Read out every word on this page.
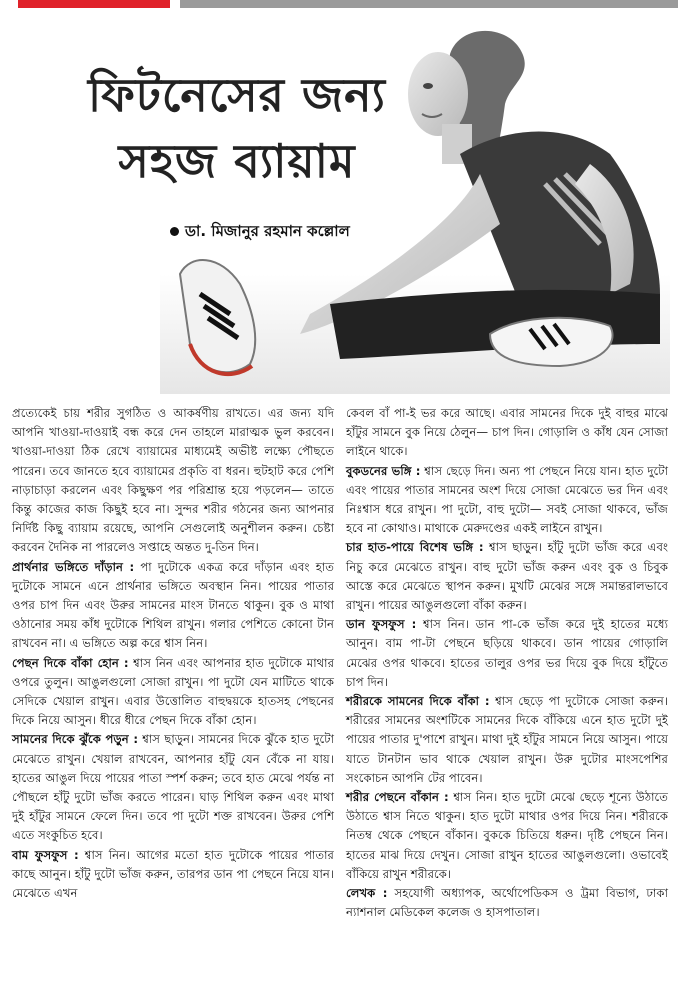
ফিটনেসের জন্য
সহজ ব্যায়াম
ডা. মিজানুর রহমান কল্লোল

প্রত্যেকেই চায় শরীর সুগঠিত ও আকর্ষণীয় রাখতে। এর জন্য যদি আপনি খাওয়া-দাওয়াই বন্ধ করে দেন তাহলে মারাত্মক ভুল করবেন। খাওয়া-দাওয়া ঠিক রেখে ব্যায়ামের মাধ্যমেই অভীষ্ট লক্ষ্যে পৌছতে পারেন। তবে জানতে হবে ব্যায়ামের প্রকৃতি বা ধরন। হুটহাট করে পেশি নাড়াচাড়া করলেন এবং কিছুক্ষণ পর পরিশ্রান্ত হয়ে পড়লেন— তাতে কিন্তু কাজের কাজ কিছুই হবে না। সুন্দর শরীর গঠনের জন্য আপনার নির্দিষ্ট কিছু ব্যায়াম রয়েছে, আপনি সেগুলোই অনুশীলন করুন। চেষ্টা করবেন দৈনিক না পারলেও সপ্তাহে অন্তত দু-তিন দিন।

প্রার্থনার ভঙ্গিতে দাঁড়ান : পা দুটোকে একত্র করে দাঁড়ান এবং হাত দুটোকে সামনে এনে প্রার্থনার ভঙ্গিতে অবস্থান নিন। পায়ের পাতার ওপর চাপ দিন এবং উরুর সামনের মাংস টানতে থাকুন। বুক ও মাথা ওঠানোর সময় কাঁধ দুটোকে শিথিল রাখুন। গলার পেশিতে কোনো টান রাখবেন না। এ ভঙ্গিতে অল্প করে শ্বাস নিন।

পেছন দিকে বাঁকা হোন : শ্বাস নিন এবং আপনার হাত দুটোকে মাথার ওপরে তুলুন। আঙুলগুলো সোজা রাখুন। পা দুটো যেন মাটিতে থাকে সেদিকে খেয়াল রাখুন। এবার উত্তোলিত বাহুদ্বয়কে হাতসহ পেছনের দিকে নিয়ে আসুন। ধীরে ধীরে পেছন দিকে বাঁকা হোন।

সামনের দিকে ঝুঁকে পড়ুন : শ্বাস ছাড়ুন। সামনের দিকে ঝুঁকে হাত দুটো মেঝেতে রাখুন। খেয়াল রাখবেন, আপনার হাঁটু যেন বেঁকে না যায়। হাতের আঙুল দিয়ে পায়ের পাতা স্পর্শ করুন; তবে হাত মেঝে পর্যন্ত না পৌছলে হাঁটু দুটো ভাঁজ করতে পারেন। ঘাড় শিথিল করুন এবং মাথা দুই হাঁটুর সামনে ফেলে দিন। তবে পা দুটো শক্ত রাখবেন। উরুর পেশি এতে সংকুচিত হবে।

বাম ফুসফুস : শ্বাস নিন। আগের মতো হাত দুটোকে পায়ের পাতার কাছে আনুন। হাঁটু দুটো ভাঁজ করুন, তারপর ডান পা পেছনে নিয়ে যান। মেঝেতে এখন

কেবল বাঁ পা-ই ভর করে আছে। এবার সামনের দিকে দুই বাহুর মাঝে হাঁটুর সামনে বুক নিয়ে ঠেলুন— চাপ দিন। গোড়ালি ও কাঁধ যেন সোজা লাইনে থাকে।

বুকডনের ভঙ্গি : শ্বাস ছেড়ে দিন। অন্য পা পেছনে নিয়ে যান। হাত দুটো এবং পায়ের পাতার সামনের অংশ দিয়ে সোজা মেঝেতে ভর দিন এবং নিঃশ্বাস ধরে রাখুন। পা দুটো, বাহু দুটো— সবই সোজা থাকবে, ভাঁজ হবে না কোথাও। মাথাকে মেরুদণ্ডের একই লাইনে রাখুন।

চার হাত-পায়ে বিশেষ ভঙ্গি : শ্বাস ছাড়ুন। হাঁটু দুটো ভাঁজ করে এবং নিচু করে মেঝেতে রাখুন। বাহু দুটো ভাঁজ করুন এবং বুক ও চিবুক আস্তে করে মেঝেতে স্থাপন করুন। মুখটি মেঝের সঙ্গে সমান্তরালভাবে রাখুন। পায়ের আঙুলগুলো বাঁকা করুন।

ডান ফুসফুস : শ্বাস নিন। ডান পা-কে ভাঁজ করে দুই হাতের মধ্যে আনুন। বাম পা-টা পেছনে ছড়িয়ে থাকবে। ডান পায়ের গোড়ালি মেঝের ওপর থাকবে। হাতের তালুর ওপর ভর দিয়ে বুক দিয়ে হাঁটুতে চাপ দিন।

শরীরকে সামনের দিকে বাঁকা : শ্বাস ছেড়ে পা দুটোকে সোজা করুন। শরীরের সামনের অংশটিকে সামনের দিকে বাঁকিয়ে এনে হাত দুটো দুই পায়ের পাতার দু'পাশে রাখুন। মাথা দুই হাঁটুর সামনে নিয়ে আসুন। পায়ে যাতে টানটান ভাব থাকে খেয়াল রাখুন। উরু দুটোর মাংসপেশির সংকোচন আপনি টের পাবেন।

শরীর পেছনে বাঁকান : শ্বাস নিন। হাত দুটো মেঝে ছেড়ে শূন্যে উঠাতে উঠাতে শ্বাস নিতে থাকুন। হাত দুটো মাথার ওপর দিয়ে নিন। শরীরকে নিতম্ব থেকে পেছনে বাঁকান। বুককে চিতিয়ে ধরুন। দৃষ্টি পেছনে নিন। হাতের মাঝ দিয়ে দেখুন। সোজা রাখুন হাতের আঙুলগুলো। ওভাবেই বাঁকিয়ে রাখুন শরীরকে।

লেখক : সহযোগী অধ্যাপক, অর্থোপেডিকস ও ট্রমা বিভাগ, ঢাকা ন্যাশনাল মেডিকেল কলেজ ও হাসপাতাল।
